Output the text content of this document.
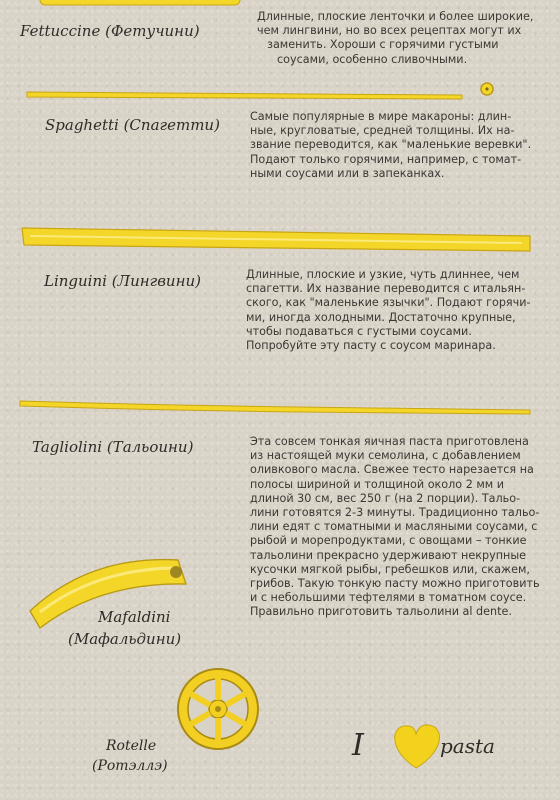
Fettuccine (Фетучини)

Длинные, плоские ленточки и более широкие,
чем лингвини, но во всех рецептах могут их
заменить. Хороши с горячими густыми
соусами, особенно сливочными.

Spaghetti (Спагетти)	Самые популярные в мире макароны: длин-
ные, кругловатые, средней толщины. Их на-
звание переводится, как "маленькие веревки".
Подают только горячими, например, с томат-
ными соусами или в запеканках.

Linguini (Лингвини)	Длинные, плоские и узкие, чуть длиннее, чем
спагетти. Их название переводится с итальян-
ского, как "маленькие язычки". Подают горячи-
ми, иногда холодными. Достаточно крупные,
чтобы подаваться с густыми соусами.
Попробуйте эту пасту с соусом маринара.

Tagliolini (Тальоини)	Эта совсем тонкая яичная паста приготовлена
из настоящей муки семолина, с добавлением
оливкового масла. Свежее тесто нарезается на
полосы шириной и толщиной около 2 мм и
длиной 30 см, вес 250 г (на 2 порции). Тальо-
лини готовятся 2-3 минуты. Традиционно тальо-
лини едят с томатными и масляными соусами, с
рыбой и морепродуктами, с овощами – тонкие
тальолини прекрасно удерживают некрупные
кусочки мягкой рыбы, гребешков или, скажем,
грибов. Такую тонкую пасту можно приготовить
и с небольшими тефтелями в томатном соусе.
Правильно приготовить тальолини al dente.

Mafaldini

(Мафальдини)

Rotelle

(Ротэллэ)

I	pasta
